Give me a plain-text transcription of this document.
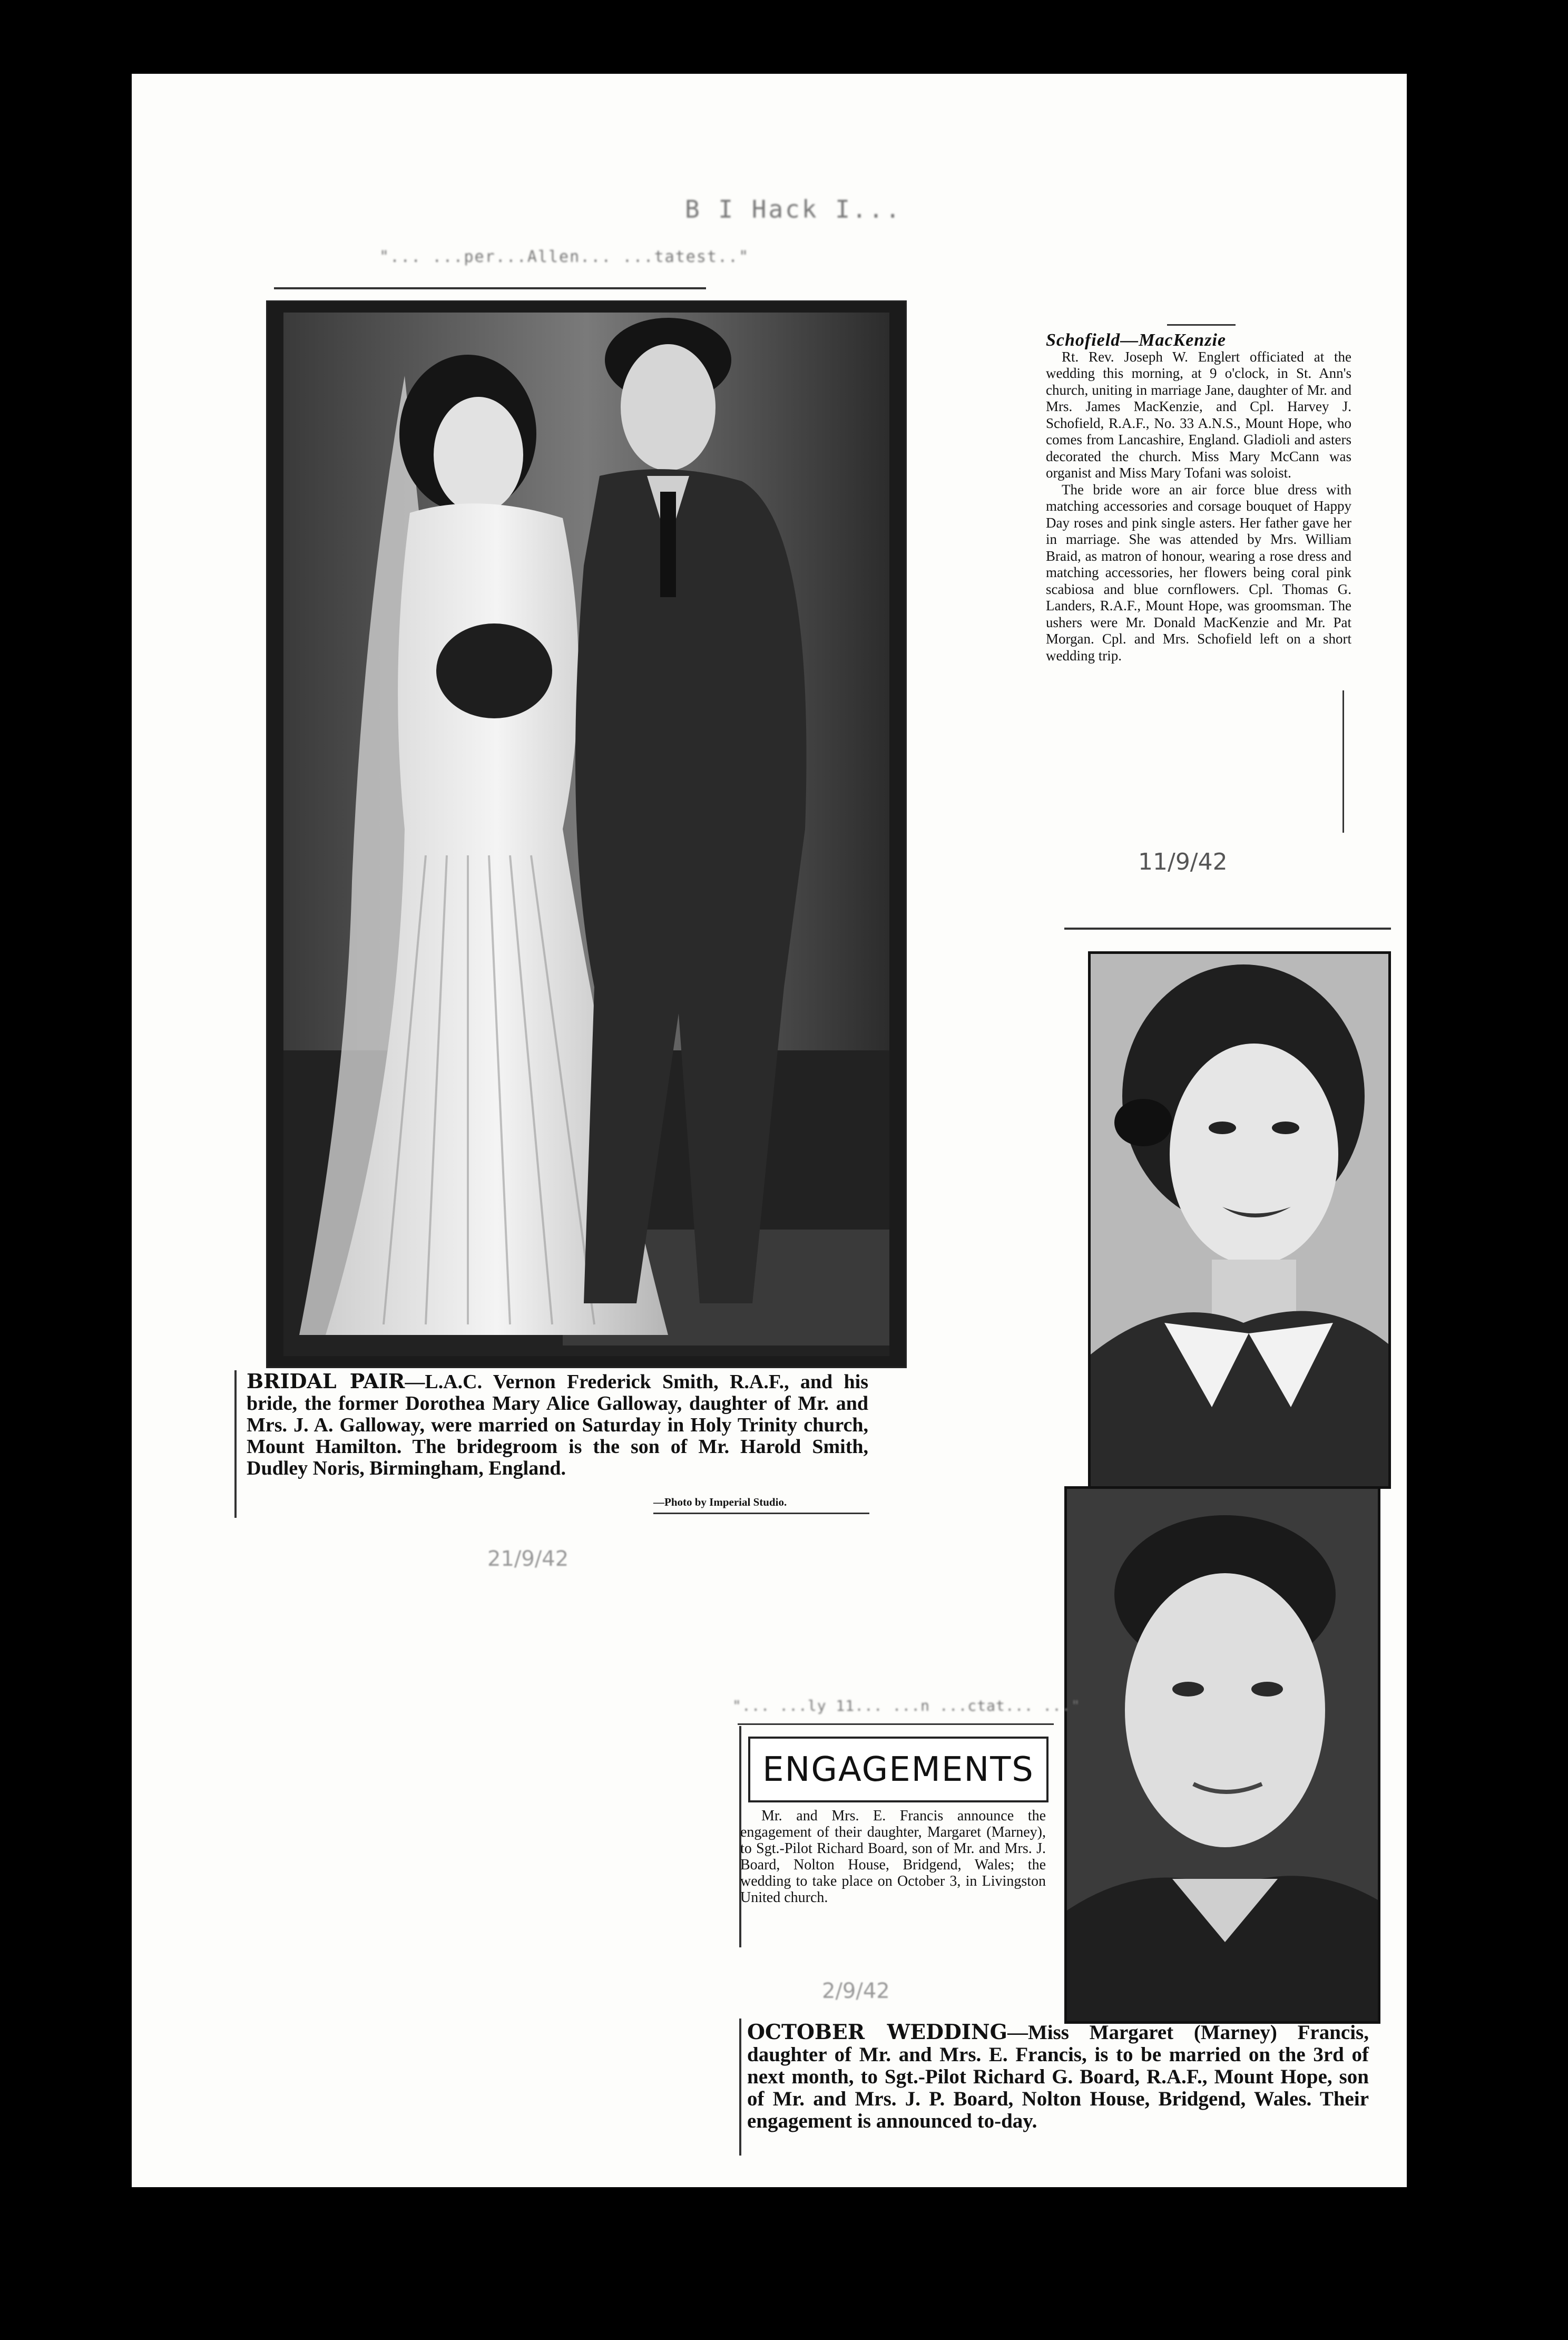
B I Hack I...
"... ...per...Allen... ...tatest.."
BRIDAL PAIR—L.A.C. Vernon Frederick Smith, R.A.F., and his bride, the former Dorothea Mary Alice Galloway, daughter of Mr. and Mrs. J. A. Galloway, were married on Saturday in Holy Trinity church, Mount Hamilton. The bridegroom is the son of Mr. Harold Smith, Dudley Noris, Birmingham, England.
—Photo by Imperial Studio.
21/9/42
Schofield—MacKenzie

Rt. Rev. Joseph W. Englert officiated at the wedding this morning, at 9 o'clock, in St. Ann's church, uniting in marriage Jane, daughter of Mr. and Mrs. James MacKenzie, and Cpl. Harvey J. Schofield, R.A.F., No. 33 A.N.S., Mount Hope, who comes from Lancashire, England. Gladioli and asters decorated the church. Miss Mary McCann was organist and Miss Mary Tofani was soloist.

The bride wore an air force blue dress with matching accessories and corsage bouquet of Happy Day roses and pink single asters. Her father gave her in marriage. She was attended by Mrs. William Braid, as matron of honour, wearing a rose dress and matching accessories, her flowers being coral pink scabiosa and blue cornflowers. Cpl. Thomas G. Landers, R.A.F., Mount Hope, was groomsman. The ushers were Mr. Donald MacKenzie and Mr. Pat Morgan. Cpl. and Mrs. Schofield left on a short wedding trip.

11/9/42
"... ...ly 11... ...n ...ctat... ..."
ENGAGEMENTS
Mr. and Mrs. E. Francis announce the engagement of their daughter, Margaret (Marney), to Sgt.-Pilot Richard Board, son of Mr. and Mrs. J. Board, Nolton House, Bridgend, Wales; the wedding to take place on October 3, in Livingston United church.
2/9/42
OCTOBER WEDDING—Miss Margaret (Marney) Francis, daughter of Mr. and Mrs. E. Francis, is to be married on the 3rd of next month, to Sgt.-Pilot Richard G. Board, R.A.F., Mount Hope, son of Mr. and Mrs. J. P. Board, Nolton House, Bridgend, Wales. Their engagement is announced to-day.
